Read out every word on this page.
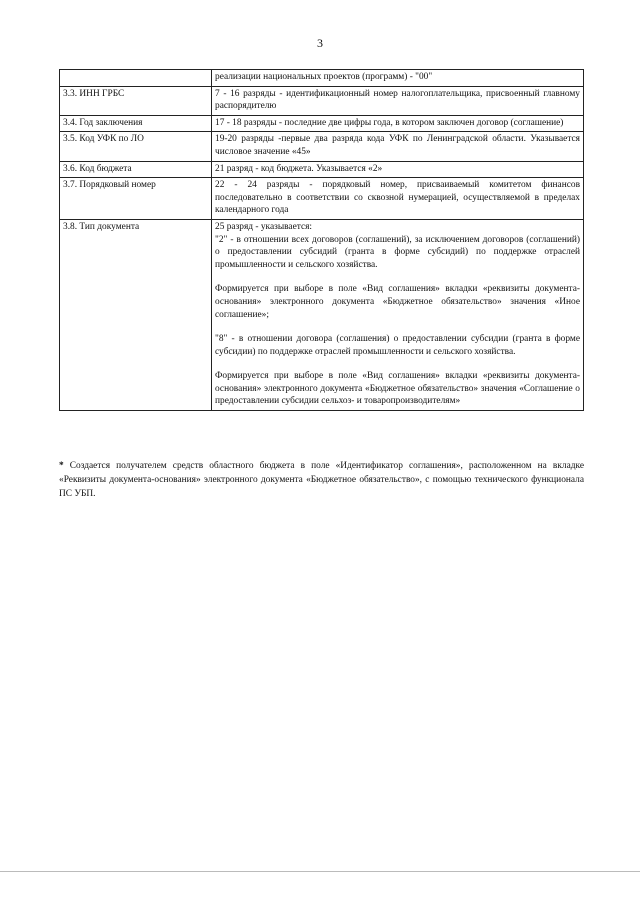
3

	реализации национальных проектов (программ) - "00"

3.3. ИНН ГРБС	7 - 16 разряды - идентификационный номер налогоплательщика, присвоенный главному распорядителю

3.4. Год заключения	17 - 18 разряды - последние две цифры года, в котором заключен договор (соглашение)

3.5. Код УФК по ЛО	19-20 разряды -первые два разряда кода УФК по Ленинградской области. Указывается числовое значение «45»

3.6. Код бюджета	21 разряд - код бюджета. Указывается «2»

3.7. Порядковый номер	22 - 24 разряды - порядковый номер, присваиваемый комитетом финансов последовательно в соответствии со сквозной нумерацией, осуществляемой в пределах календарного года

3.8. Тип документа	25 разряд - указывается:

"2" - в отношении всех договоров (соглашений), за исключением договоров (соглашений) о предоставлении субсидий (гранта в форме субсидий) по поддержке отраслей промышленности и сельского хозяйства.

Формируется при выборе в поле «Вид соглашения» вкладки «реквизиты документа-основания» электронного документа «Бюджетное обязательство» значения «Иное соглашение»;

"8" - в отношении договора (соглашения) о предоставлении субсидии (гранта в форме субсидии) по поддержке отраслей промышленности и сельского хозяйства.

Формируется при выборе в поле «Вид соглашения» вкладки «реквизиты документа-основания» электронного документа «Бюджетное обязательство» значения «Соглашение о предоставлении субсидии сельхоз- и товаропроизводителям»

* Создается получателем средств областного бюджета в поле «Идентификатор соглашения», расположенном на вкладке «Реквизиты документа-основания» электронного документа «Бюджетное обязательство», с помощью технического функционала ПС УБП.
